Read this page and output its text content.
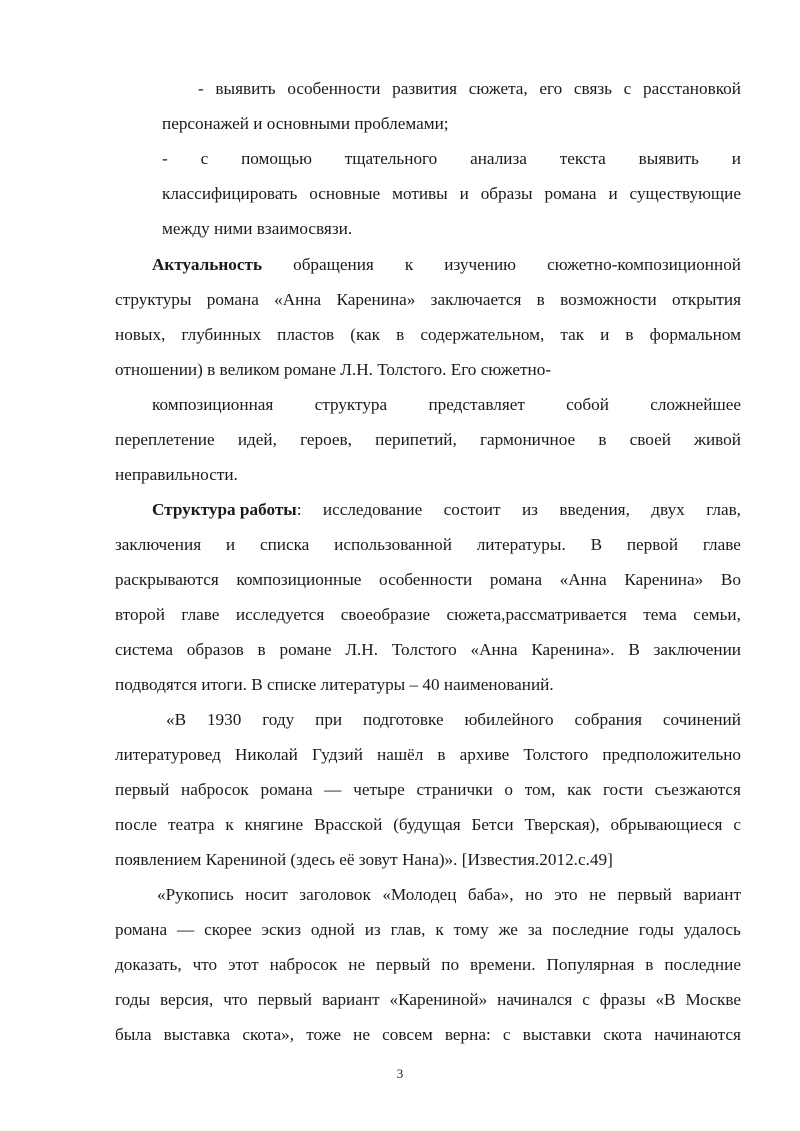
- выявить особенности развития сюжета, его связь с расстановкой
персонажей и основными проблемами;
- с помощью тщательного анализа текста выявить и
классифицировать основные мотивы и образы романа и существующие
между ними взаимосвязи.
Актуальность обращения к изучению сюжетно-композиционной
структуры романа «Анна Каренина» заключается в возможности открытия
новых, глубинных пластов (как в содержательном, так и в формальном
отношении) в великом романе Л.Н. Толстого. Его сюжетно-
композиционная структура представляет собой сложнейшее
переплетение идей, героев, перипетий, гармоничное в своей живой
неправильности.
Структура работы: исследование состоит из введения, двух глав,
заключения и списка использованной литературы. В первой главе
раскрываются композиционные особенности романа «Анна Каренина» Во
второй главе исследуется своеобразие сюжета,рассматривается тема семьи,
система образов в романе Л.Н. Толстого «Анна Каренина». В заключении
подводятся итоги. В списке литературы – 40 наименований.
«В 1930 году при подготовке юбилейного собрания сочинений
литературовед Николай Гудзий нашёл в архиве Толстого предположительно
первый набросок романа — четыре странички о том, как гости съезжаются
после театра к княгине Врасской (будущая Бетси Тверская), обрывающиеся с
появлением Карениной (здесь её зовут Нана)». [Известия.2012.с.49]
«Рукопись носит заголовок «Молодец баба», но это не первый вариант
романа — скорее эскиз одной из глав, к тому же за последние годы удалось
доказать, что этот набросок не первый по времени. Популярная в последние
годы версия, что первый вариант «Карениной» начинался с фразы «В Москве
была выставка скота», тоже не совсем верна: с выставки скота начинаются
3
